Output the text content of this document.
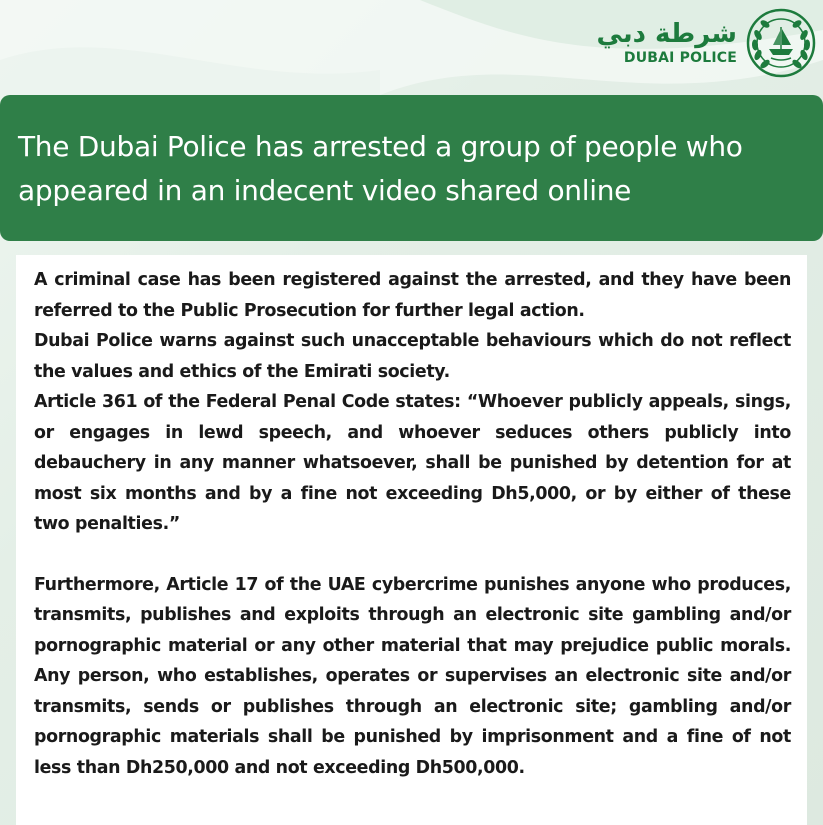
شرطة دبي
DUBAI POLICE
The Dubai Police has arrested a group of people who appeared in an indecent video shared online

A criminal case has been registered against the arrested, and they have been referred to the Public Prosecution for further legal action.

Dubai Police warns against such unacceptable behaviours which do not reflect the values and ethics of the Emirati society.

Article 361 of the Federal Penal Code states: “Whoever publicly appeals, sings, or engages in lewd speech, and whoever seduces others publicly into debauchery in any manner whatsoever, shall be punished by detention for at most six months and by a fine not exceeding Dh5,000, or by either of these two penalties.”

Furthermore, Article 17 of the UAE cybercrime punishes anyone who produces, transmits, publishes and exploits through an electronic site gambling and/or pornographic material or any other material that may prejudice public morals. Any person, who establishes, operates or supervises an electronic site and/or transmits, sends or publishes through an electronic site; gambling and/or pornographic materials shall be punished by imprisonment and a fine of not less than Dh250,000 and not exceeding Dh500,000.
